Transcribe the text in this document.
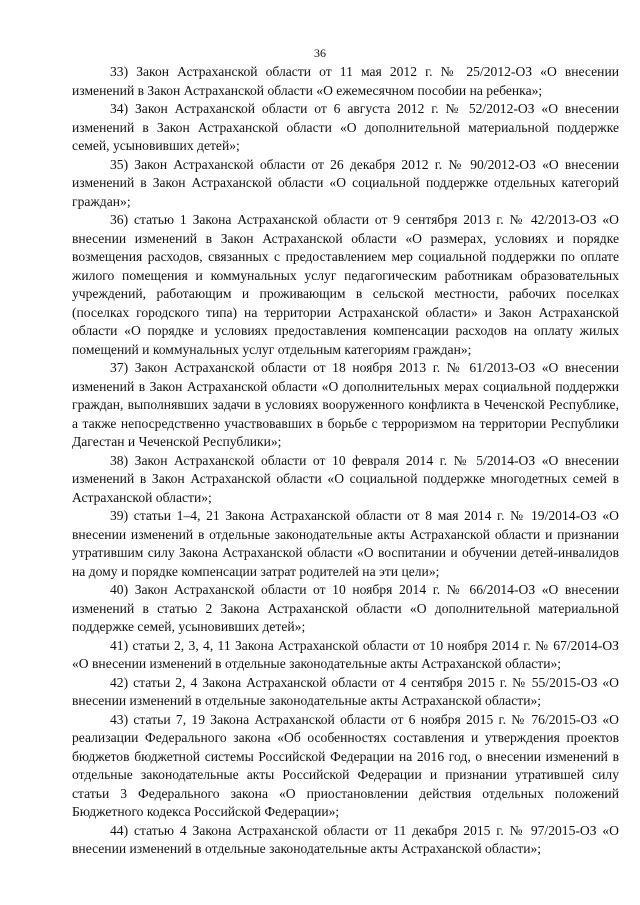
36

33) Закон Астраханской области от 11 мая 2012 г. № 25/2012-ОЗ «О внесении изменений в Закон Астраханской области «О ежемесячном пособии на ребенка»;

34) Закон Астраханской области от 6 августа 2012 г. № 52/2012-ОЗ «О внесении изменений в Закон Астраханской области «О дополнительной материальной поддержке семей, усыновивших детей»;

35) Закон Астраханской области от 26 декабря 2012 г. № 90/2012-ОЗ «О внесении изменений в Закон Астраханской области «О социальной поддержке отдельных категорий граждан»;

36) статью 1 Закона Астраханской области от 9 сентября 2013 г. № 42/2013-ОЗ «О внесении изменений в Закон Астраханской области «О размерах, условиях и порядке возмещения расходов, связанных с предоставлением мер социальной поддержки по оплате жилого помещения и коммунальных услуг педагогическим работникам образовательных учреждений, работающим и проживающим в сельской местности, рабочих поселках (поселках городского типа) на территории Астраханской области» и Закон Астраханской области «О порядке и условиях предоставления компенсации расходов на оплату жилых помещений и коммунальных услуг отдельным категориям граждан»;

37) Закон Астраханской области от 18 ноября 2013 г. № 61/2013-ОЗ «О внесении изменений в Закон Астраханской области «О дополнительных мерах социальной поддержки граждан, выполнявших задачи в условиях вооруженного конфликта в Чеченской Республике, а также непосредственно участвовавших в борьбе с терроризмом на территории Республики Дагестан и Чеченской Республики»;

38) Закон Астраханской области от 10 февраля 2014 г. № 5/2014-ОЗ «О внесении изменений в Закон Астраханской области «О социальной поддержке многодетных семей в Астраханской области»;

39) статьи 1–4, 21 Закона Астраханской области от 8 мая 2014 г. № 19/2014-ОЗ «О внесении изменений в отдельные законодательные акты Астраханской области и признании утратившим силу Закона Астраханской области «О воспитании и обучении детей-инвалидов на дому и порядке компенсации затрат родителей на эти цели»;

40) Закон Астраханской области от 10 ноября 2014 г. № 66/2014-ОЗ «О внесении изменений в статью 2 Закона Астраханской области «О дополнительной материальной поддержке семей, усыновивших детей»;

41) статьи 2, 3, 4, 11 Закона Астраханской области от 10 ноября 2014 г. № 67/2014-ОЗ «О внесении изменений в отдельные законодательные акты Астраханской области»;

42) статьи 2, 4 Закона Астраханской области от 4 сентября 2015 г. № 55/2015-ОЗ «О внесении изменений в отдельные законодательные акты Астраханской области»;

43) статьи 7, 19 Закона Астраханской области от 6 ноября 2015 г. № 76/2015-ОЗ «О реализации Федерального закона «Об особенностях составления и утверждения проектов бюджетов бюджетной системы Российской Федерации на 2016 год, о внесении изменений в отдельные законодательные акты Российской Федерации и признании утратившей силу статьи 3 Федерального закона «О приостановлении действия отдельных положений Бюджетного кодекса Российской Федерации»;

44) статью 4 Закона Астраханской области от 11 декабря 2015 г. № 97/2015-ОЗ «О внесении изменений в отдельные законодательные акты Астраханской области»;
